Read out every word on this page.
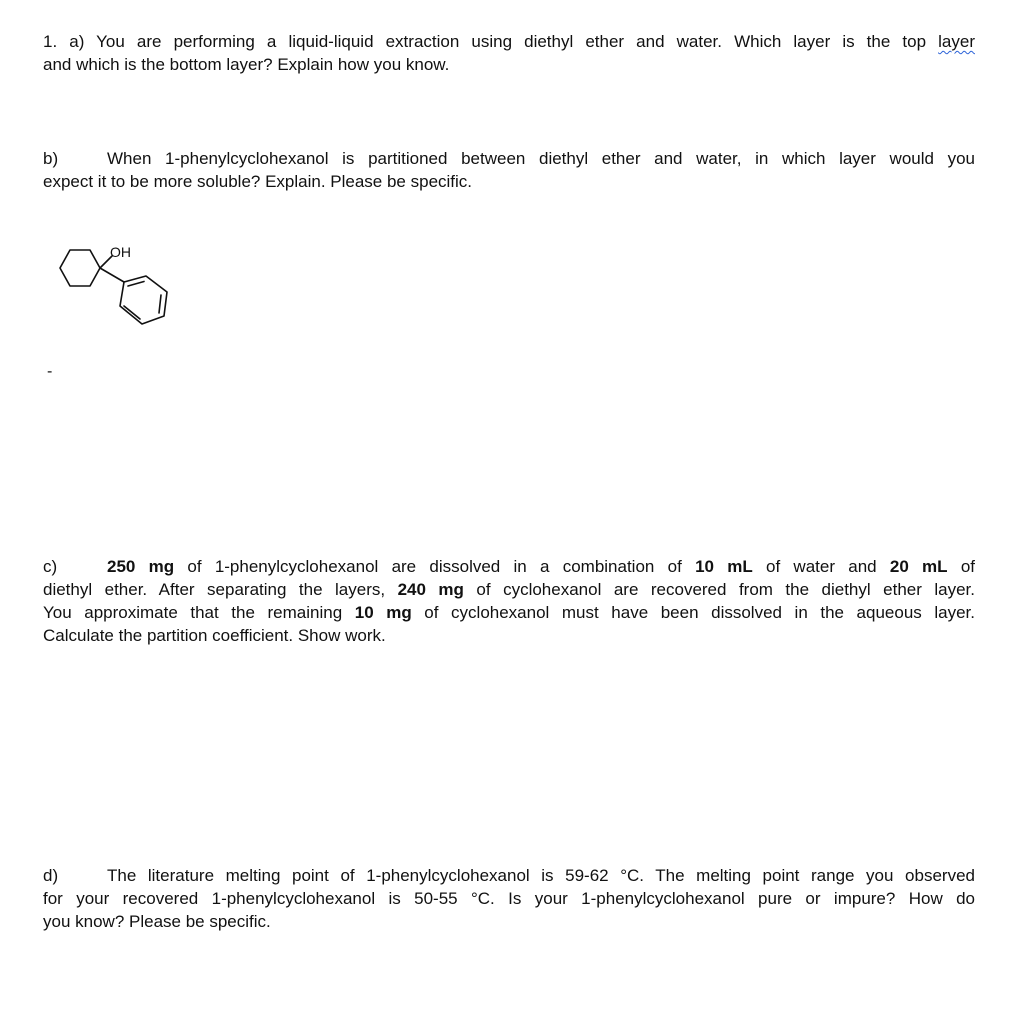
1. a) You are performing a liquid-liquid extraction using diethyl ether and water. Which layer is the top layer
and which is the bottom layer? Explain how you know.
b)	When 1-phenylcyclohexanol is partitioned between diethyl ether and water, in which layer would you
expect it to be more soluble? Explain. Please be specific.
OH
-
c)	250 mg of 1-phenylcyclohexanol are dissolved in a combination of 10 mL of water and 20 mL of
diethyl ether. After separating the layers, 240 mg of cyclohexanol are recovered from the diethyl ether layer.
You approximate that the remaining 10 mg of cyclohexanol must have been dissolved in the aqueous layer.
Calculate the partition coefficient. Show work.
d)	The literature melting point of 1-phenylcyclohexanol is 59-62 °C. The melting point range you observed
for your recovered 1-phenylcyclohexanol is 50-55 °C. Is your 1-phenylcyclohexanol pure or impure? How do
you know? Please be specific.
